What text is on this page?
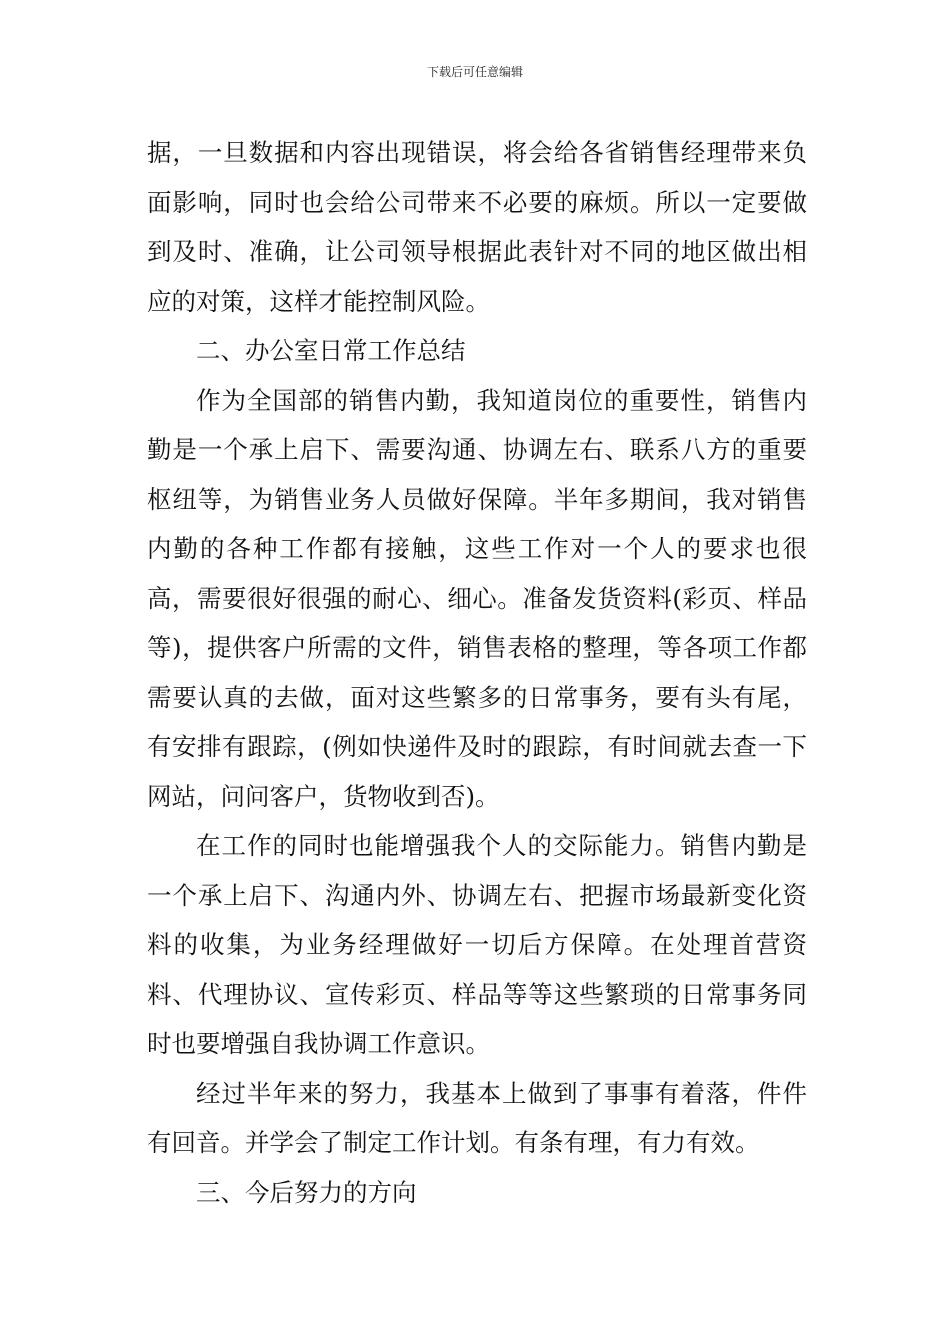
下载后可任意编辑

据，一旦数据和内容出现错误，将会给各省销售经理带来负面影响，同时也会给公司带来不必要的麻烦。所以一定要做到及时、准确，让公司领导根据此表针对不同的地区做出相应的对策，这样才能控制风险。

二、办公室日常工作总结

作为全国部的销售内勤，我知道岗位的重要性，销售内勤是一个承上启下、需要沟通、协调左右、联系八方的重要枢纽等，为销售业务人员做好保障。半年多期间，我对销售内勤的各种工作都有接触，这些工作对一个人的要求也很高，需要很好很强的耐心、细心。准备发货资料(彩页、样品等)，提供客户所需的文件，销售表格的整理，等各项工作都需要认真的去做，面对这些繁多的日常事务，要有头有尾，有安排有跟踪，(例如快递件及时的跟踪，有时间就去查一下网站，问问客户，货物收到否)。

在工作的同时也能增强我个人的交际能力。销售内勤是一个承上启下、沟通内外、协调左右、把握市场最新变化资料的收集，为业务经理做好一切后方保障。在处理首营资料、代理协议、宣传彩页、样品等等这些繁琐的日常事务同时也要增强自我协调工作意识。

经过半年来的努力，我基本上做到了事事有着落，件件有回音。并学会了制定工作计划。有条有理，有力有效。

三、今后努力的方向
